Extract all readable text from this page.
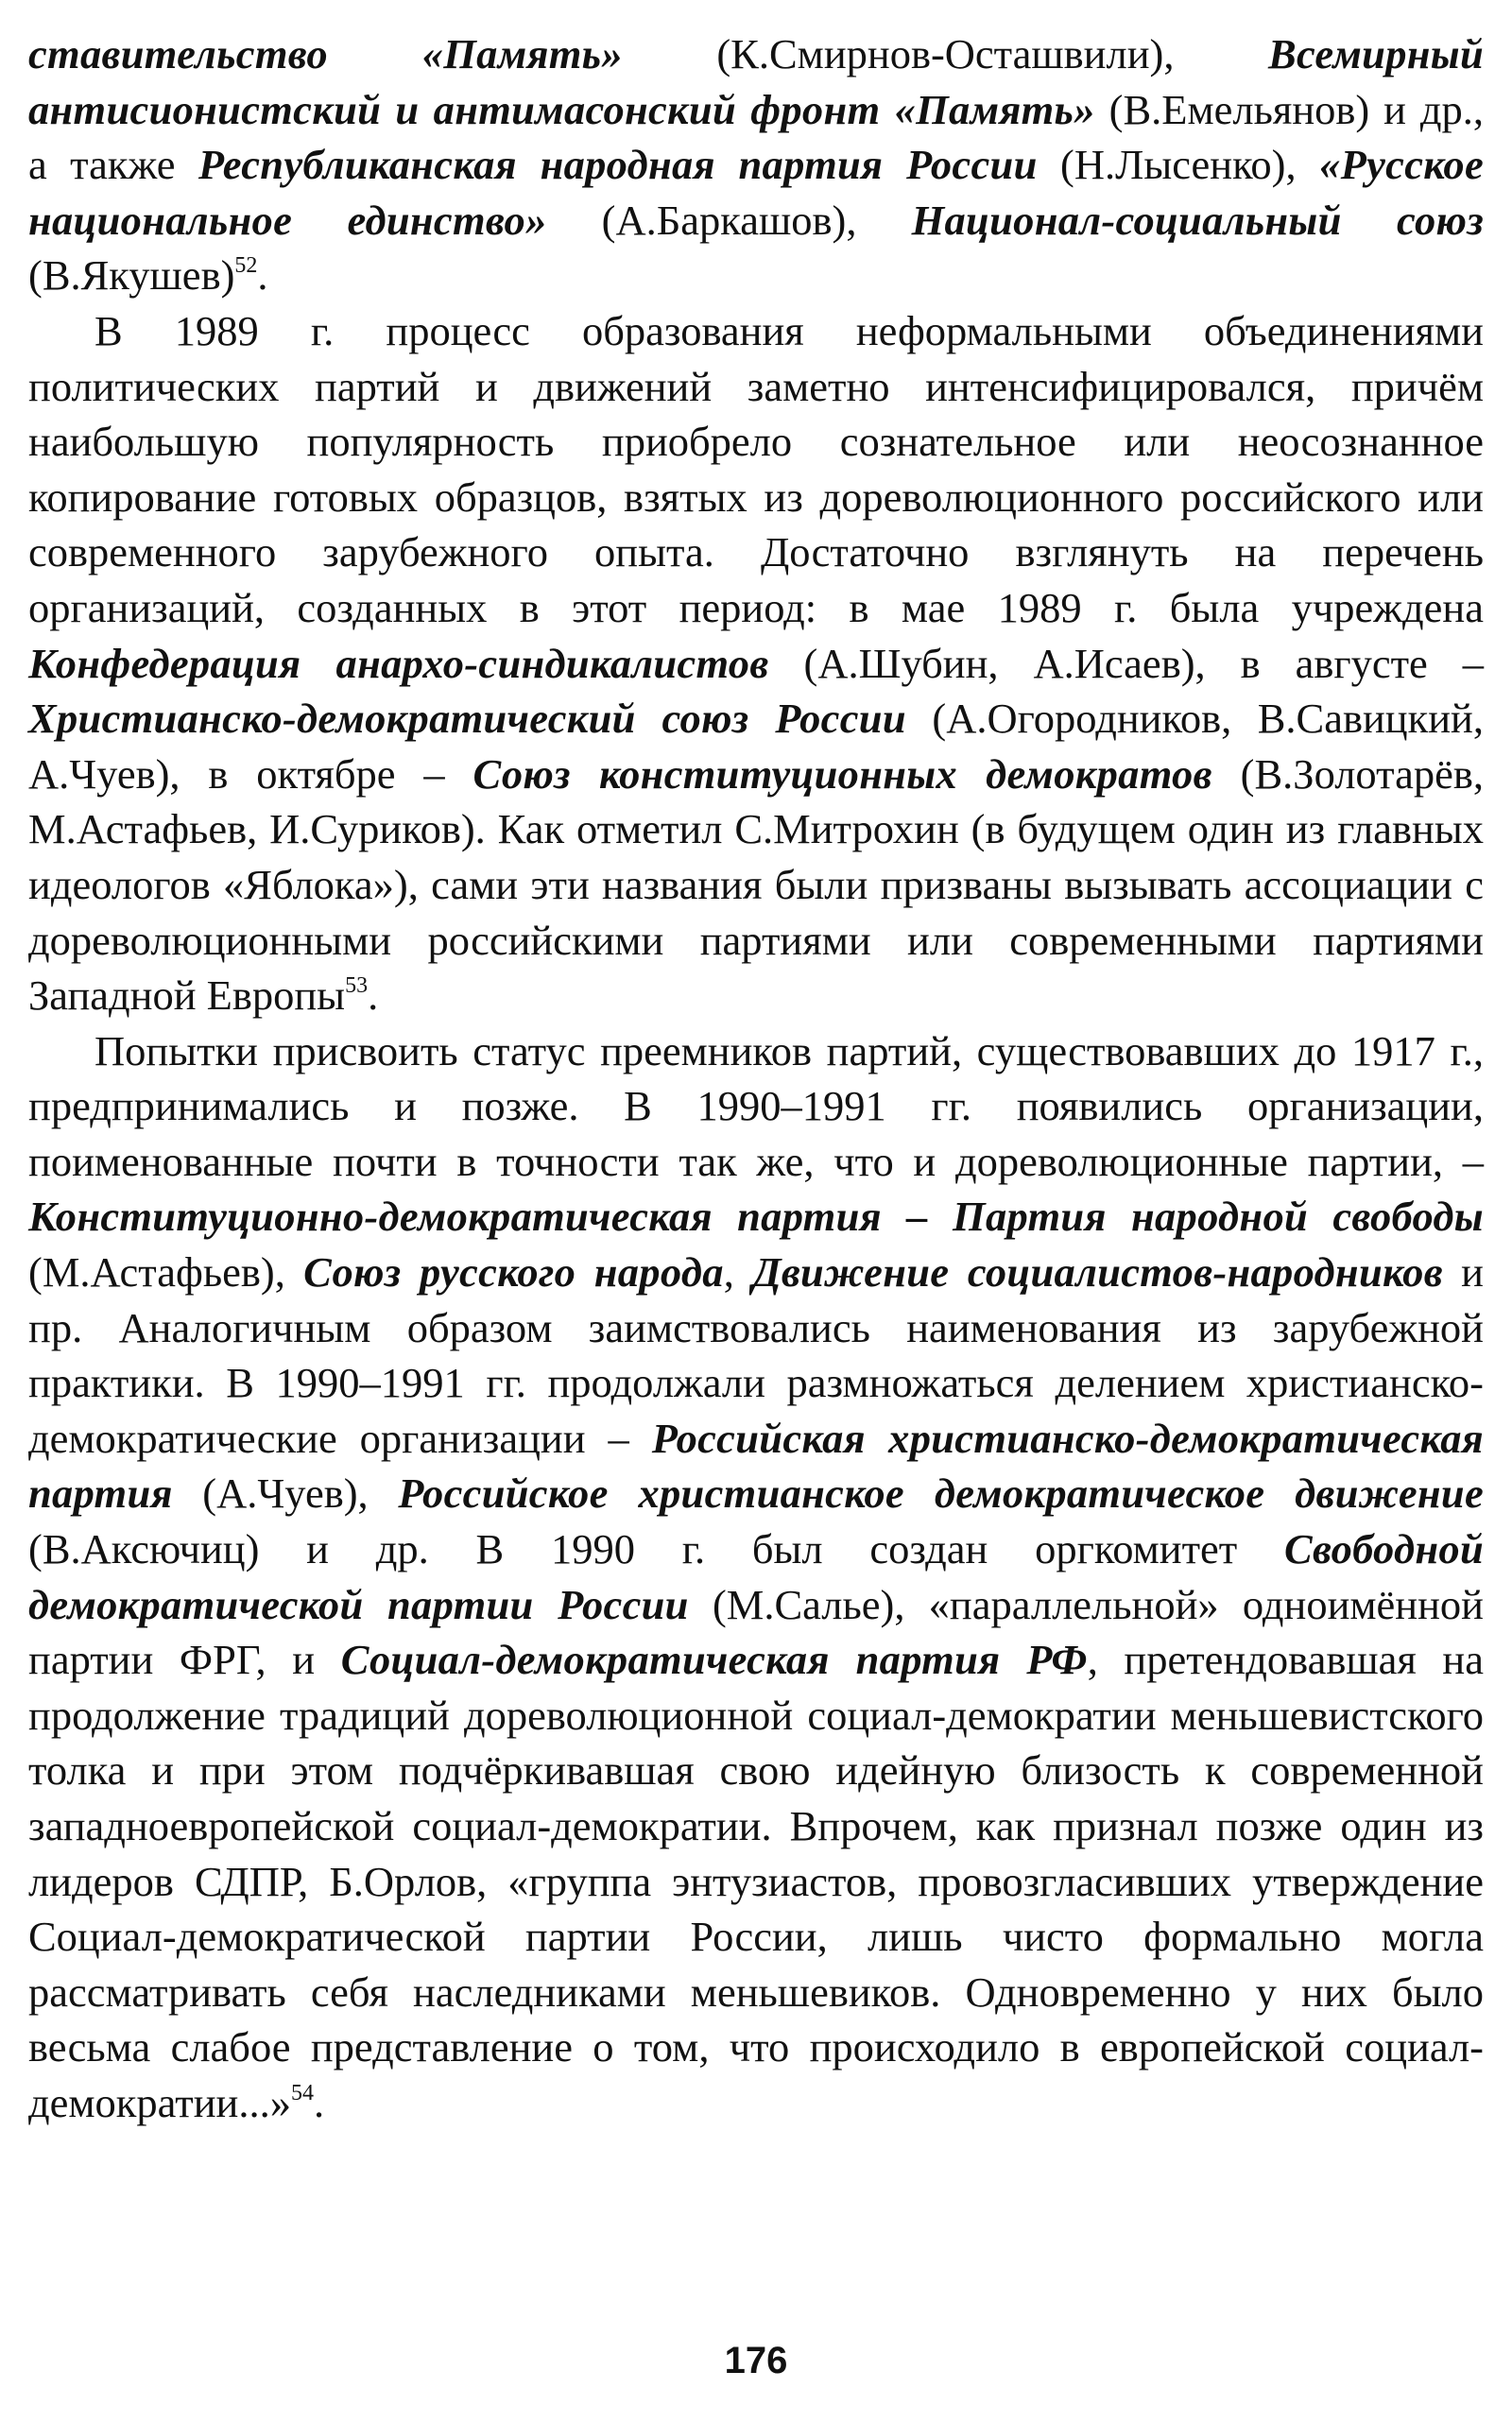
ставительство «Память» (К.Смирнов-Осташвили), Всемирный антисионистский и антимасонский фронт «Память» (В.Емельянов) и др., а также Республиканская народная партия России (Н.Лысенко), «Русское национальное единство» (А.Баркашов), Национал-социальный союз (В.Якушев)$^{52}$.

В 1989 г. процесс образования неформальными объединениями политических партий и движений заметно интенсифицировался, причём наибольшую популярность приобрело сознательное или неосознанное копирование готовых образцов, взятых из дореволюционного российского или современного зарубежного опыта. Достаточно взглянуть на перечень организаций, созданных в этот период: в мае 1989 г. была учреждена Конфедерация анархо-синдикалистов (А.Шубин, А.Исаев), в августе – Христианско-демократический союз России (А.Огородников, В.Савицкий, А.Чуев), в октябре – Союз конституционных демократов (В.Золотарёв, М.Астафьев, И.Суриков). Как отметил С.Митрохин (в будущем один из главных идеологов «Яблока»), сами эти названия были призваны вызывать ассоциации с дореволюционными российскими партиями или современными партиями Западной Европы$^{53}$.

Попытки присвоить статус преемников партий, существовавших до 1917 г., предпринимались и позже. В 1990–1991 гг. появились организации, поименованные почти в точности так же, что и дореволюционные партии, – Конституционно-демократическая партия – Партия народной свободы (М.Астафьев), Союз русского народа, Движение социалистов-народников и пр. Аналогичным образом заимствовались наименования из зарубежной практики. В 1990–1991 гг. продолжали размножаться делением христианско-демократические организации – Российская христианско-демократическая партия (А.Чуев), Российское христианское демократическое движение (В.Аксючиц) и др. В 1990 г. был создан оргкомитет Свободной демократической партии России (М.Салье), «параллельной» одноимённой партии ФРГ, и Социал-демократическая партия РФ, претендовавшая на продолжение традиций дореволюционной социал-демократии меньшевистского толка и при этом подчёркивавшая свою идейную близость к современной западноевропейской социал-демократии. Впрочем, как признал позже один из лидеров СДПР, Б.Орлов, «группа энтузиастов, провозгласивших утверждение Социал-демократической партии России, лишь чисто формально могла рассматривать себя наследниками меньшевиков. Одновременно у них было весьма слабое представление о том, что происходило в европейской социал-демократии...»$^{54}$.

176
